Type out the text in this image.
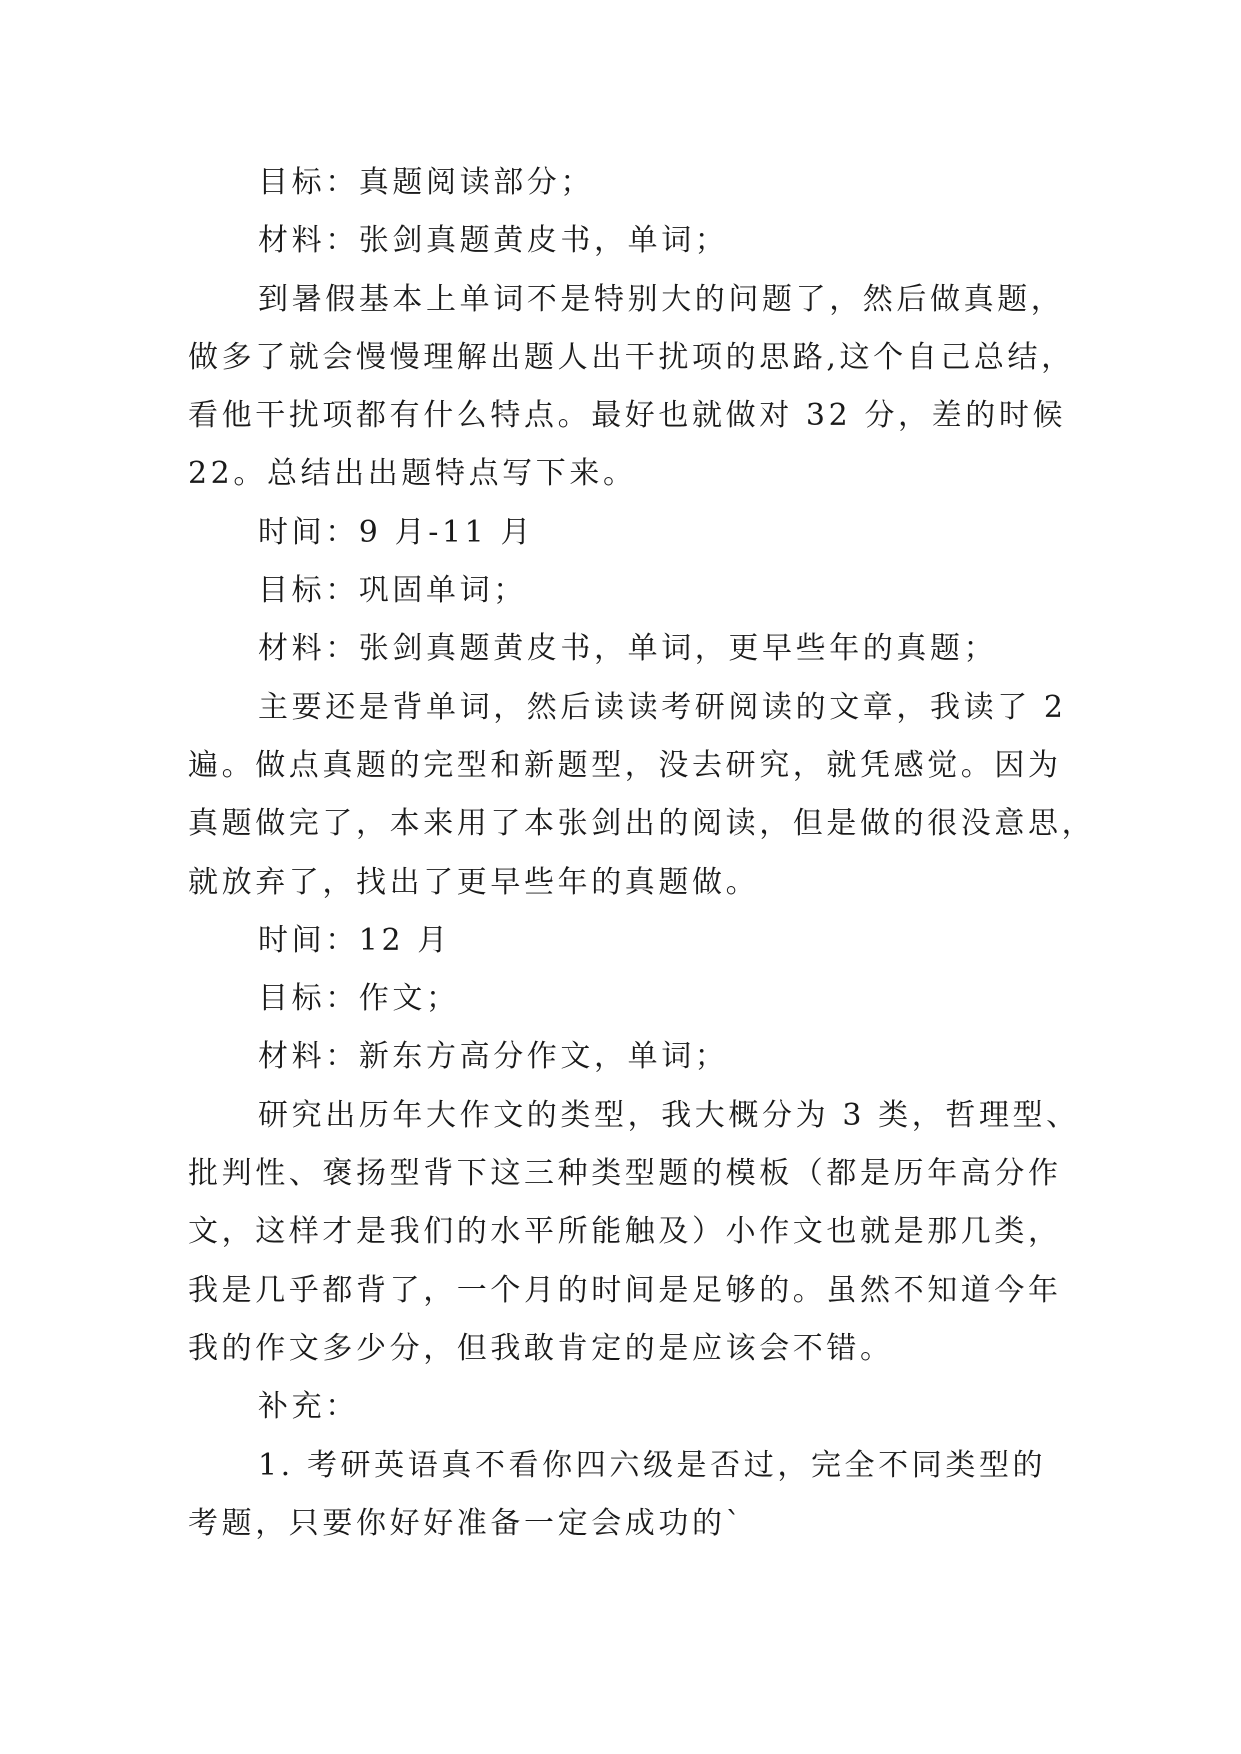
目标：真题阅读部分；
材料：张剑真题黄皮书，单词；
到暑假基本上单词不是特别大的问题了，然后做真题，
做多了就会慢慢理解出题人出干扰项的思路,这个自己总结，
看他干扰项都有什么特点。最好也就做对 32 分，差的时候
22。总结出出题特点写下来。
时间：9 月-11 月
目标：巩固单词；
材料：张剑真题黄皮书，单词，更早些年的真题；
主要还是背单词，然后读读考研阅读的文章，我读了 2
遍。做点真题的完型和新题型，没去研究，就凭感觉。因为
真题做完了，本来用了本张剑出的阅读，但是做的很没意思，
就放弃了，找出了更早些年的真题做。
时间：12 月
目标：作文；
材料：新东方高分作文，单词；
研究出历年大作文的类型，我大概分为 3 类，哲理型、
批判性、褒扬型背下这三种类型题的模板（都是历年高分作
文，这样才是我们的水平所能触及）小作文也就是那几类，
我是几乎都背了，一个月的时间是足够的。虽然不知道今年
我的作文多少分，但我敢肯定的是应该会不错。
补充：
1. 考研英语真不看你四六级是否过，完全不同类型的
考题，只要你好好准备一定会成功的`
